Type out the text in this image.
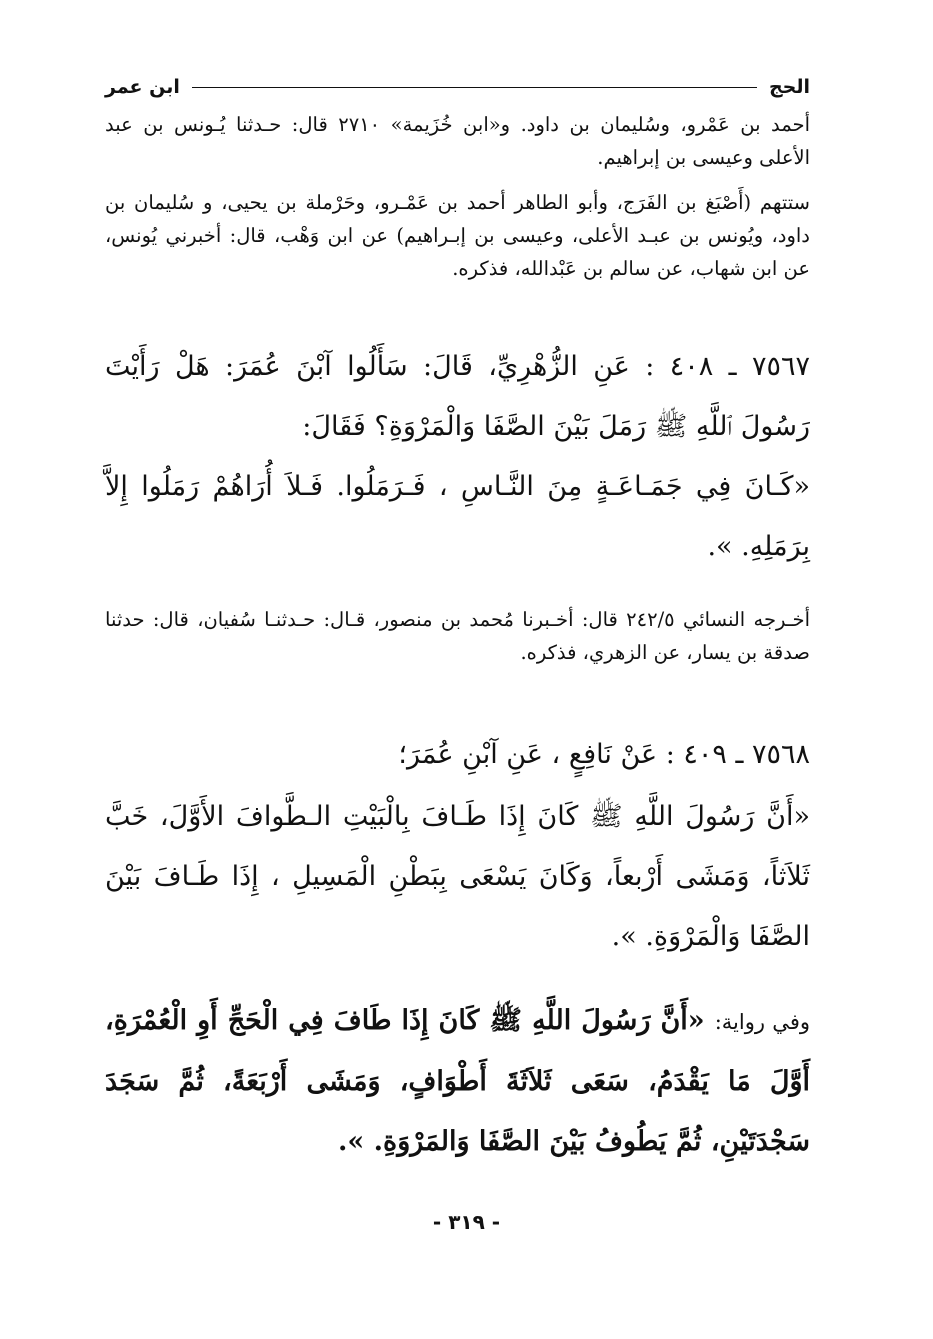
الحج
ابن عمر
أحمد بن عَمْرو، وسُليمان بن داود. و«ابن خُزَيمة» ٢٧١٠ قال: حـدثنا يُـونس بن عبد الأعلى وعيسى بن إبراهيم.
ستتهم (أَصْبَغ بن الفَرَج، وأبو الطاهر أحمد بن عَمْـرو، وحَرْملة بن يحيى، و سُليمان بن داود، ويُونس بن عبـد الأعلى، وعيسى بن إبـراهيم) عن ابن وَهْب، قال: أخبرني يُونس، عن ابن شهاب، عن سالم بن عَبْدالله، فذكره.
٧٥٦٧ ـ ٤٠٨ : عَنِ الزُّهْرِيِّ، قَالَ: سَأَلُوا آبْنَ عُمَرَ: هَلْ رَأَيْتَ رَسُولَ ٱللَّهِ ﷺ رَمَلَ بَيْنَ الصَّفَا وَالْمَرْوَةِ؟ فَقَالَ:
«كَـانَ فِي جَمَـاعَـةٍ مِنَ النَّـاسِ ، فَـرَمَلُوا. فَـلاَ أُرَاهُمْ رَمَلُوا إِلاَّ بِرَمَلِهِ. ».
أخـرجه النسائي ٢٤٢/٥ قال: أخـبرنا مُحمد بن منصور، قـال: حـدثنـا سُفيان، قال: حدثنا صدقة بن يسار، عن الزهري، فذكره.
٧٥٦٨ ـ ٤٠٩ : عَنْ نَافِعٍ ، عَنِ آبْنِ عُمَرَ؛
«أَنَّ رَسُولَ اللَّهِ ﷺ كَانَ إِذَا طَـافَ بِالْبَيْتِ الـطَّوافَ الأَوَّلَ، خَبَّ ثَلاَثاً، وَمَشَى أَرْبعاً، وَكَانَ يَسْعَى بِبَطْنِ الْمَسِيلِ ، إِذَا طَـافَ بَيْنَ الصَّفَا وَالْمَرْوَةِ. ».
وفي رواية: «أَنَّ رَسُولَ اللَّهِ ﷺ كَانَ إِذَا طَافَ فِي الْحَجِّ أَوِ الْعُمْرَةِ، أَوَّلَ مَا يَقْدَمُ، سَعَى ثَلاَثَةَ أَطْوَافٍ، وَمَشَى أَرْبَعَةً، ثُمَّ سَجَدَ سَجْدَتَيْنِ، ثُمَّ يَطُوفُ بَيْنَ الصَّفَا وَالمَرْوَةِ. ».
- ٣١٩ -
